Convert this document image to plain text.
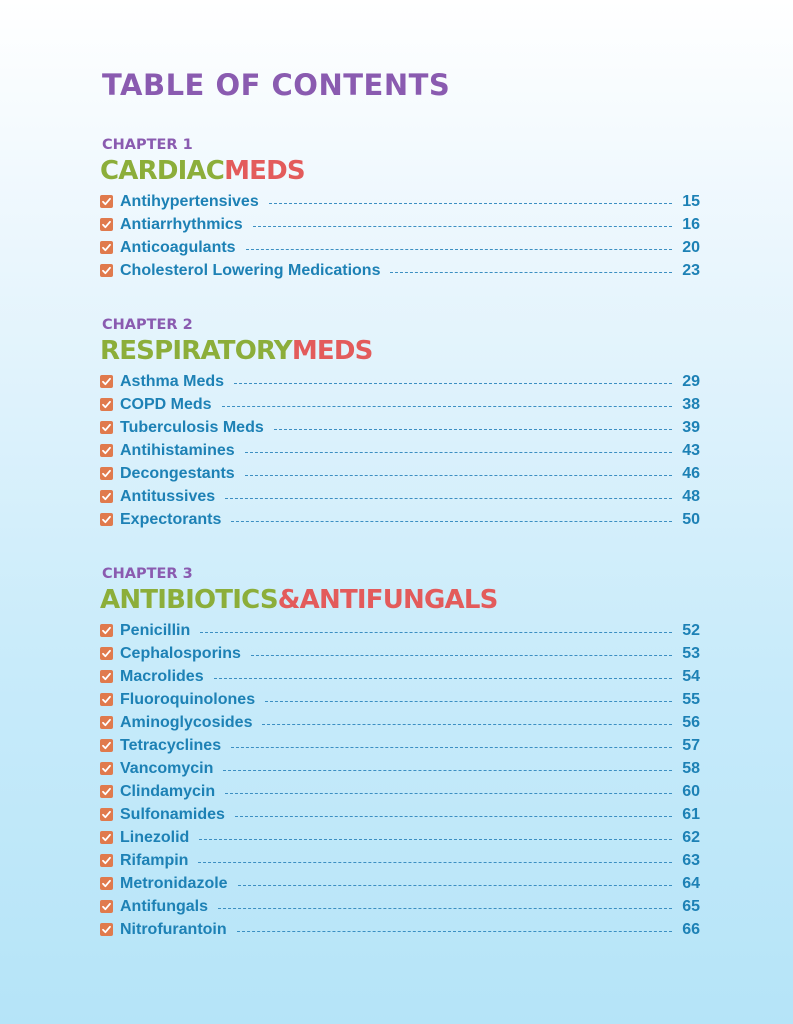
TABLE OF CONTENTS
CHAPTER 1
CARDIACMEDS
Antihypertensives	15
Antiarrhythmics	16
Anticoagulants	20
Cholesterol Lowering Medications	23
CHAPTER 2
RESPIRATORYMEDS
Asthma Meds	29
COPD Meds	38
Tuberculosis Meds	39
Antihistamines	43
Decongestants	46
Antitussives	48
Expectorants	50
CHAPTER 3
ANTIBIOTICS&ANTIFUNGALS
Penicillin	52
Cephalosporins	53
Macrolides	54
Fluoroquinolones	55
Aminoglycosides	56
Tetracyclines	57
Vancomycin	58
Clindamycin	60
Sulfonamides	61
Linezolid	62
Rifampin	63
Metronidazole	64
Antifungals	65
Nitrofurantoin	66
